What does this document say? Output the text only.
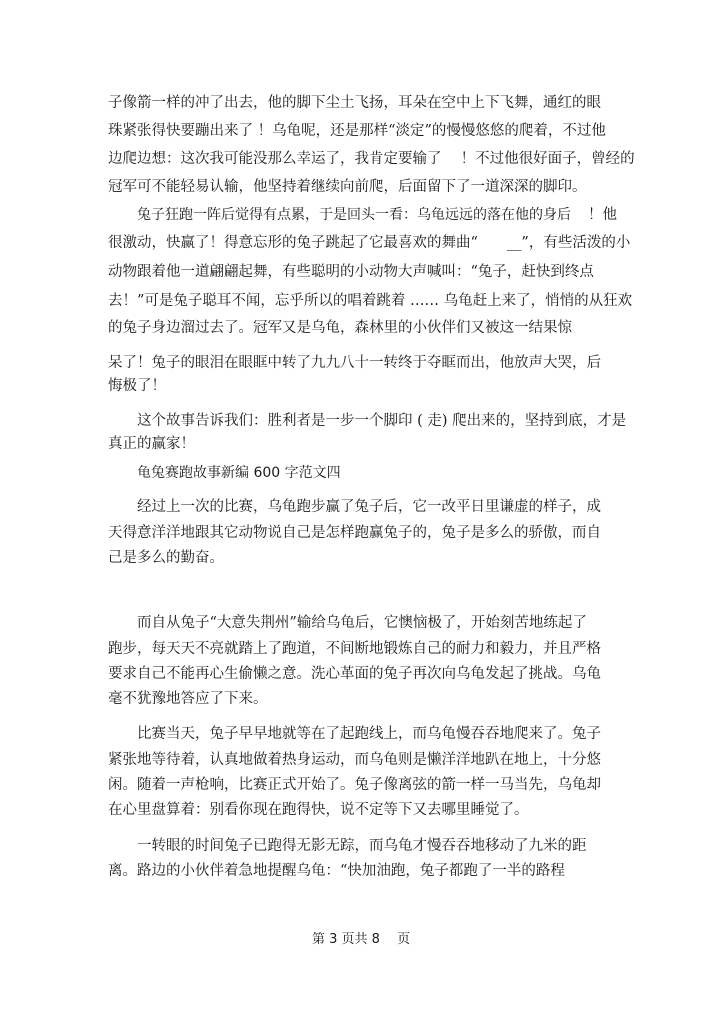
子像箭一样的冲了出去，他的脚下尘土飞扬，耳朵在空中上下飞舞，通红的眼
珠紧张得快要蹦出来了 ！乌龟呢，还是那样“淡定”的慢慢悠悠的爬着，不过他
边爬边想：这次我可能没那么幸运了，我肯定要输了　 ！不过他很好面子，曾经的
冠军可不能轻易认输，他坚持着继续向前爬，后面留下了一道深深的脚印。
兔子狂跑一阵后觉得有点累，于是回头一看：乌龟远远的落在他的身后 ！他
很激动，快赢了！得意忘形的兔子跳起了它最喜欢的舞曲“　　__”，有些活泼的小
动物跟着他一道翩翩起舞，有些聪明的小动物大声喊叫：“兔子，赶快到终点
去！”可是兔子聪耳不闻，忘乎所以的唱着跳着 …… 乌龟赶上来了，悄悄的从狂欢
的兔子身边溜过去了。冠军又是乌龟，森林里的小伙伴们又被这一结果惊
呆了！兔子的眼泪在眼眶中转了九九八十一转终于夺眶而出，他放声大哭，后
悔极了！
这个故事告诉我们：胜利者是一步一个脚印 ( 走) 爬出来的，坚持到底，才是
真正的赢家！
龟兔赛跑故事新编 600 字范文四
经过上一次的比赛，乌龟跑步赢了兔子后，它一改平日里谦虚的样子，成
天得意洋洋地跟其它动物说自己是怎样跑赢兔子的，兔子是多么的骄傲，而自
己是多么的勤奋。
而自从兔子“大意失荆州”输给乌龟后，它懊恼极了，开始刻苦地练起了
跑步，每天天不亮就踏上了跑道，不间断地锻炼自己的耐力和毅力，并且严格
要求自己不能再心生偷懒之意。洗心革面的兔子再次向乌龟发起了挑战。乌龟
毫不犹豫地答应了下来。
比赛当天，兔子早早地就等在了起跑线上，而乌龟慢吞吞地爬来了。兔子
紧张地等待着，认真地做着热身运动，而乌龟则是懒洋洋地趴在地上，十分悠
闲。随着一声枪响，比赛正式开始了。兔子像离弦的箭一样一马当先，乌龟却
在心里盘算着：别看你现在跑得快，说不定等下又去哪里睡觉了。
一转眼的时间兔子已跑得无影无踪，而乌龟才慢吞吞地移动了九米的距
离。路边的小伙伴着急地提醒乌龟：“快加油跑，兔子都跑了一半的路程
第 3 页共 8　 页
